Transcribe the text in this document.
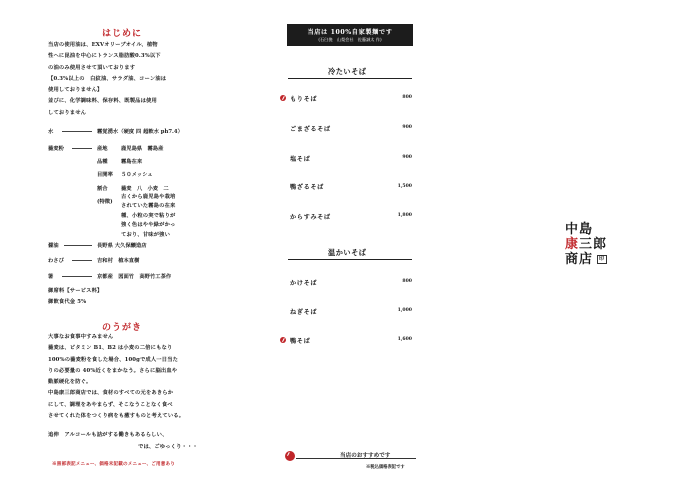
はじめに
当店の使用油は、EXVオリーブオイル、植物
性ヘに昆油を中心にトランス脂肪酸0.3%以下
の油のみ使用させて頂いております
【0.3%以上の　白紋油、サラダ油、コーン油は
使用しておりません】
並びに、化学調味料、保存料、既製品は使用
しておりません
水	霧覚湧水（硬度 四 超軟水 ph7.4）
蕎麦粉	産地	鹿児島県　霧島産
品種	霧島在来
目開率 ５０メッシュ
割合	蕎麦　八　小麦　二
(特徴)
古くから鹿児島や栽培
されていた霧島の在来
種、小粒の実で粘りが
強く色はやや緑がかっ
ており、甘味が強い
醤油	長野県 大久保醸造店
わさび	吉和村　植本直樹
箸	京都産　図面竹　高野竹工茶作
御席料【サービス料】
御飲食代金 5%
のうがき
大事なお食事中すみません
蕎麦は、ビタミン B1、B2 は小麦の二倍にもなり
100%の蕎麦粉を食した場合、100gで成人一日当た
りの必要量の 40%近くをまかなう。さらに脳出血や
動脈硬化を防ぐ。
中島康三郎商店では、食材のすべての元をあきらか
にして、調理をあやまらず、そこなうことなく食べ
させてくれた体をつくり病をも癒すものと考えている。
追伸　アルコールも詰がする働きもあるらしい、
では、ごゆっくり・・・
※黒部表記メニュー、価格未記載のメニュー、ご用意あり
当店は 100%自家製麺です
(石臼挽　山梨会社　佐藤誠太 作)
冷たいそば
もりそば	800
ごまざるそば	900
塩そば	900
鴨ざるそば	1,500
からすみそば	1,800
温かいそば
かけそば	800
ねぎそば	1,000
鴨そば	1,600
当店のおすすめです
※税込価格表記です
中島
康三郎
商店 印
